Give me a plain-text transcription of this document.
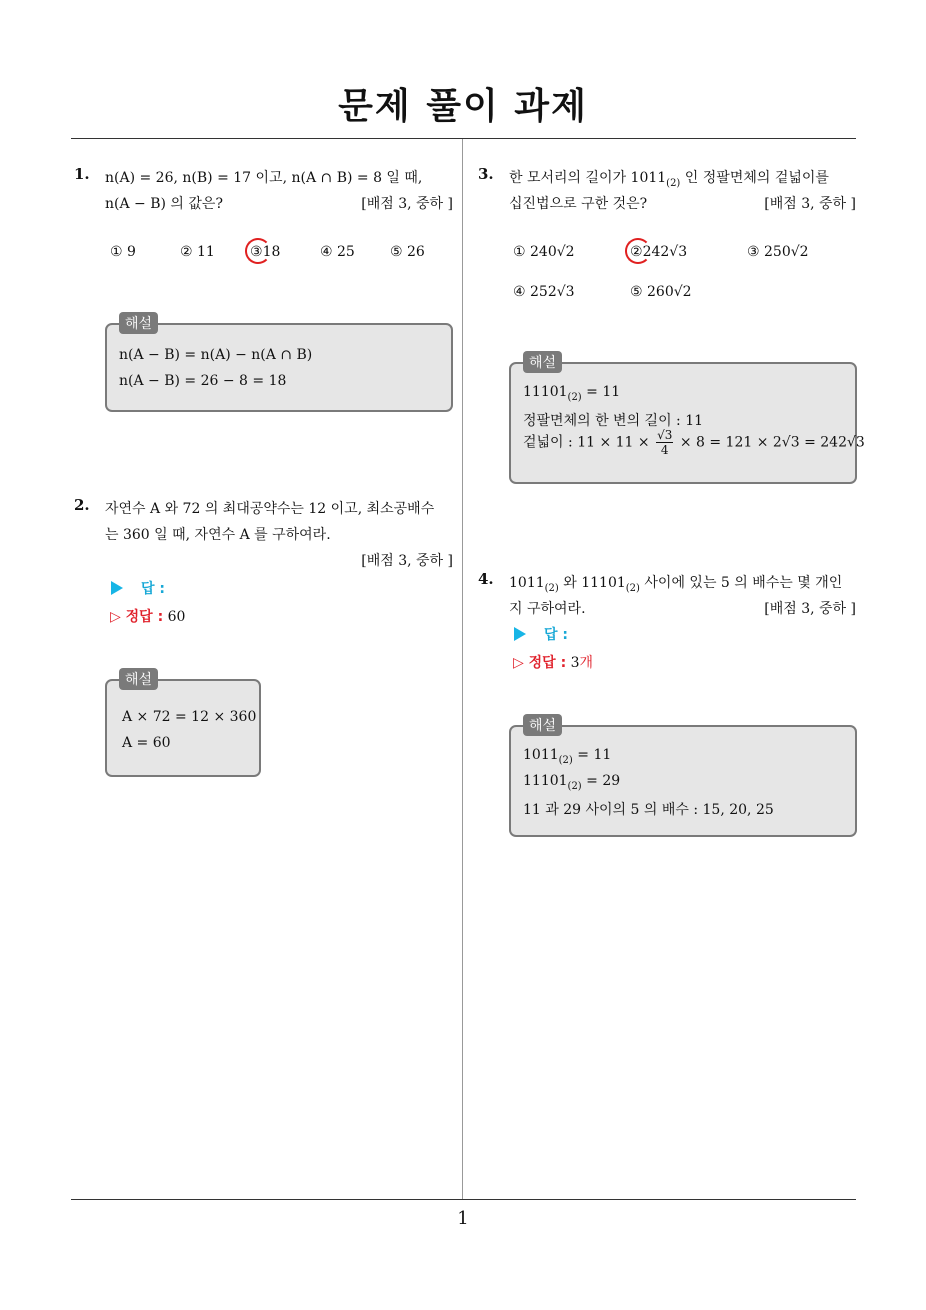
문제 풀이 과제
1
1. n(A) = 26, n(B) = 17 이고, n(A ∩ B) = 8 일 때,
n(A − B) 의 값은?	[배점 3, 중하 ]
① 9	② 11	③18	④ 25	⑤ 26
해설
n(A − B) = n(A) − n(A ∩ B)
n(A − B) = 26 − 8 = 18
2. 자연수 A 와 72 의 최대공약수는 12 이고, 최소공배수
는 360 일 때, 자연수 A 를 구하여라.
[배점 3, 중하 ]
답 :
▷ 정답 : 60
해설
A × 72 = 12 × 360
A = 60
3. 한 모서리의 길이가 $1011_{(2)}$ 인 정팔면체의 겉넓이를
십진법으로 구한 것은?	[배점 3, 중하 ]
① 240√2	②242√3	③ 250√2
④ 252√3	⑤ 260√2
해설
$11101_{(2)} = 11$
정팔면체의 한 변의 길이 : 11
겉넓이 : $11 \times 11 \times \frac{√3}{4} \times 8 = 121 \times 2√3 = 242√3$
4. $1011_{(2)}$ 와 $11101_{(2)}$ 사이에 있는 5 의 배수는 몇 개인
지 구하여라.	[배점 3, 중하 ]
답 :
▷ 정답 : 3개
해설
$1011_{(2)} = 11$
$11101_{(2)} = 29$
11 과 29 사이의 5 의 배수 : 15, 20, 25
